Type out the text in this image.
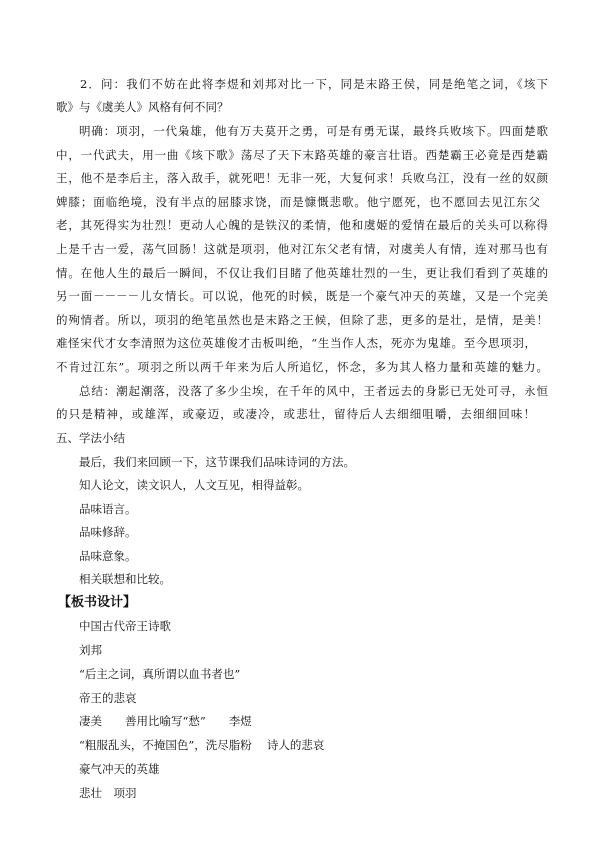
2．问：我们不妨在此将李煜和刘邦对比一下，同是末路王侯，同是绝笔之词，《垓下
歌》与《虞美人》风格有何不同？
明确：项羽，一代枭雄，他有万夫莫开之勇，可是有勇无谋，最终兵败垓下。四面楚歌
中，一代武夫，用一曲《垓下歌》荡尽了天下末路英雄的豪言壮语。西楚霸王必竟是西楚霸
王，他不是李后主，落入敌手，就死吧！无非一死，大复何求！兵败乌江，没有一丝的奴颜
婢膝；面临绝境，没有半点的屈膝求饶，而是慷慨悲歌。他宁愿死，也不愿回去见江东父
老，其死得实为壮烈！更动人心魄的是铁汉的柔情，他和虞姬的爱情在最后的关头可以称得
上是千古一爱，荡气回肠！这就是项羽，他对江东父老有情，对虞美人有情，连对那马也有
情。在他人生的最后一瞬间，不仅让我们目睹了他英雄壮烈的一生，更让我们看到了英雄的
另一面－－－－儿女情长。可以说，他死的时候，既是一个豪气冲天的英雄，又是一个完美
的殉情者。所以，项羽的绝笔虽然也是末路之王候，但除了悲，更多的是壮，是情，是美！
难怪宋代才女李清照为这位英雄俊才击板叫绝，“生当作人杰，死亦为鬼雄。至今思项羽，
不肯过江东”。项羽之所以两千年来为后人所追忆，怀念，多为其人格力量和英雄的魅力。
总结：潮起潮落，没落了多少尘埃，在千年的风中，王者远去的身影已无处可寻，永恒
的只是精神，或雄浑，或豪迈，或凄冷，或悲壮，留待后人去细细咀嚼，去细细回味！
五、学法小结
最后，我们来回顾一下，这节课我们品味诗词的方法。
知人论文，读文识人，人文互见，相得益彰。
品味语言。
品味修辞。
品味意象。
相关联想和比较。
【板书设计】
中国古代帝王诗歌
刘邦
“后主之词，真所谓以血书者也”
帝王的悲哀
凄美　　善用比喻写“愁”　　李煜
“粗服乱头，不掩国色”，洗尽脂粉　 诗人的悲哀
豪气冲天的英雄
悲壮　项羽
